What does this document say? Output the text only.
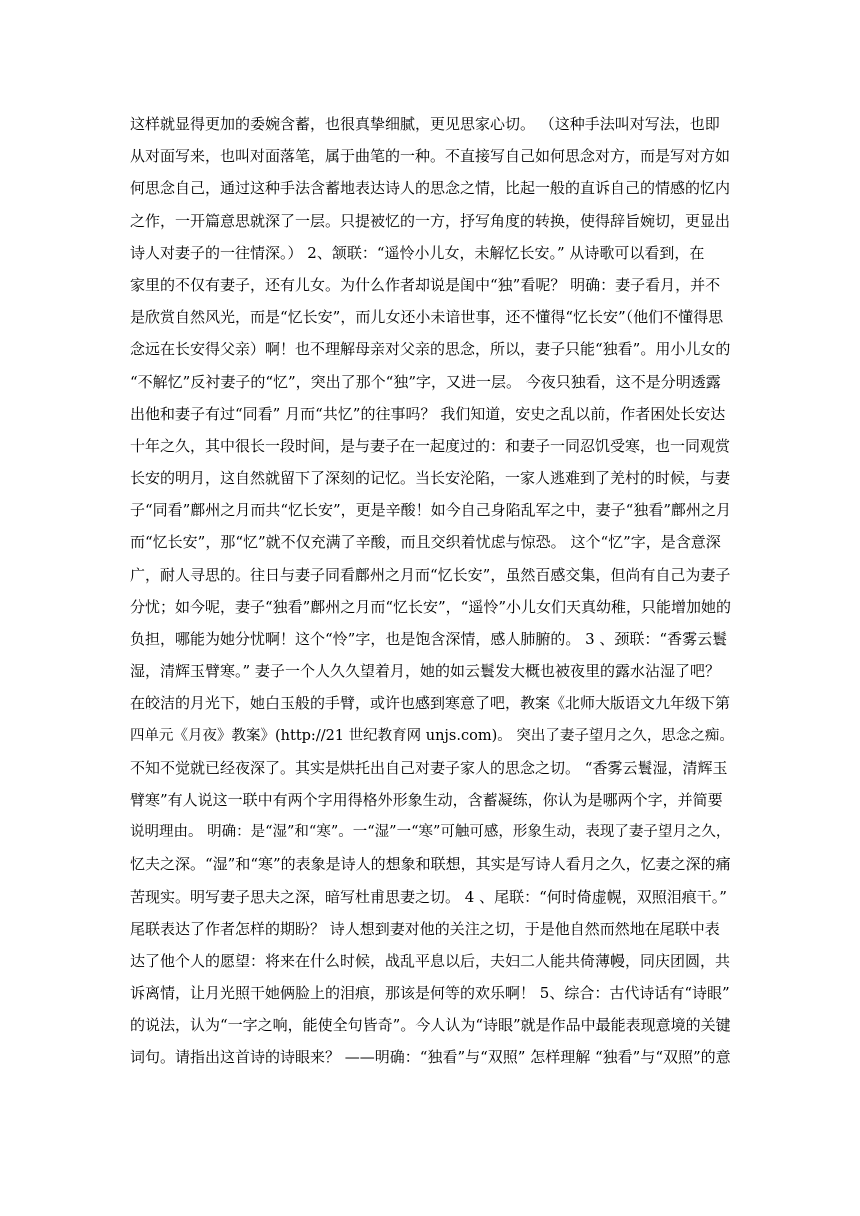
这样就显得更加的委婉含蓄，也很真挚细腻，更见思家心切。 （这种手法叫对写法，也即
从对面写来，也叫对面落笔，属于曲笔的一种。不直接写自己如何思念对方，而是写对方如
何思念自己，通过这种手法含蓄地表达诗人的思念之情，比起一般的直诉自己的情感的忆内
之作，一开篇意思就深了一层。只提被忆的一方，抒写角度的转换，使得辞旨婉切，更显出
诗人对妻子的一往情深。） 2、颔联：“遥怜小儿女，未解忆长安。” 从诗歌可以看到，在
家里的不仅有妻子，还有儿女。为什么作者却说是闺中“独”看呢？ 明确：妻子看月，并不
是欣赏自然风光，而是“忆长安”，而儿女还小未谙世事，还不懂得“忆长安”（他们不懂得思
念远在长安得父亲）啊！也不理解母亲对父亲的思念，所以，妻子只能“独看”。用小儿女的
“不解忆”反衬妻子的“忆”，突出了那个“独”字，又进一层。 今夜只独看，这不是分明透露
出他和妻子有过“同看” 月而“共忆”的往事吗？ 我们知道，安史之乱以前，作者困处长安达
十年之久，其中很长一段时间，是与妻子在一起度过的：和妻子一同忍饥受寒，也一同观赏
长安的明月，这自然就留下了深刻的记忆。当长安沦陷，一家人逃难到了羌村的时候，与妻
子“同看”鄜州之月而共“忆长安”，更是辛酸！如今自己身陷乱军之中，妻子“独看”鄜州之月
而“忆长安”，那“忆”就不仅充满了辛酸，而且交织着忧虑与惊恐。 这个“忆”字，是含意深
广，耐人寻思的。往日与妻子同看鄜州之月而“忆长安”，虽然百感交集，但尚有自己为妻子
分忧；如今呢，妻子“独看”鄜州之月而“忆长安”，“遥怜”小儿女们天真幼稚，只能增加她的
负担，哪能为她分忧啊！这个“怜”字，也是饱含深情，感人肺腑的。 3 、颈联：“香雾云鬟
湿，清辉玉臂寒。” 妻子一个人久久望着月，她的如云鬟发大概也被夜里的露水沾湿了吧？
在皎洁的月光下，她白玉般的手臂，或许也感到寒意了吧，教案《北师大版语文九年级下第
四单元《月夜》教案》(http://21 世纪教育网 unjs.com)。 突出了妻子望月之久，思念之痴。
不知不觉就已经夜深了。其实是烘托出自己对妻子家人的思念之切。 “香雾云鬟湿，清辉玉
臂寒”有人说这一联中有两个字用得格外形象生动，含蓄凝练，你认为是哪两个字，并简要
说明理由。 明确：是“湿”和“寒”。一“湿”一“寒”可触可感，形象生动，表现了妻子望月之久，
忆夫之深。“湿”和“寒”的表象是诗人的想象和联想，其实是写诗人看月之久，忆妻之深的痛
苦现实。明写妻子思夫之深，暗写杜甫思妻之切。 4 、尾联：“何时倚虚幌，双照泪痕干。”
尾联表达了作者怎样的期盼？ 诗人想到妻对他的关注之切，于是他自然而然地在尾联中表
达了他个人的愿望：将来在什么时候，战乱平息以后，夫妇二人能共倚薄幔，同庆团圆，共
诉离情，让月光照干她俩脸上的泪痕，那该是何等的欢乐啊！ 5、综合：古代诗话有“诗眼”
的说法，认为“一字之响，能使全句皆奇”。今人认为“诗眼”就是作品中最能表现意境的关键
词句。请指出这首诗的诗眼来？ ——明确：“独看”与“双照” 怎样理解 “独看”与“双照”的意
